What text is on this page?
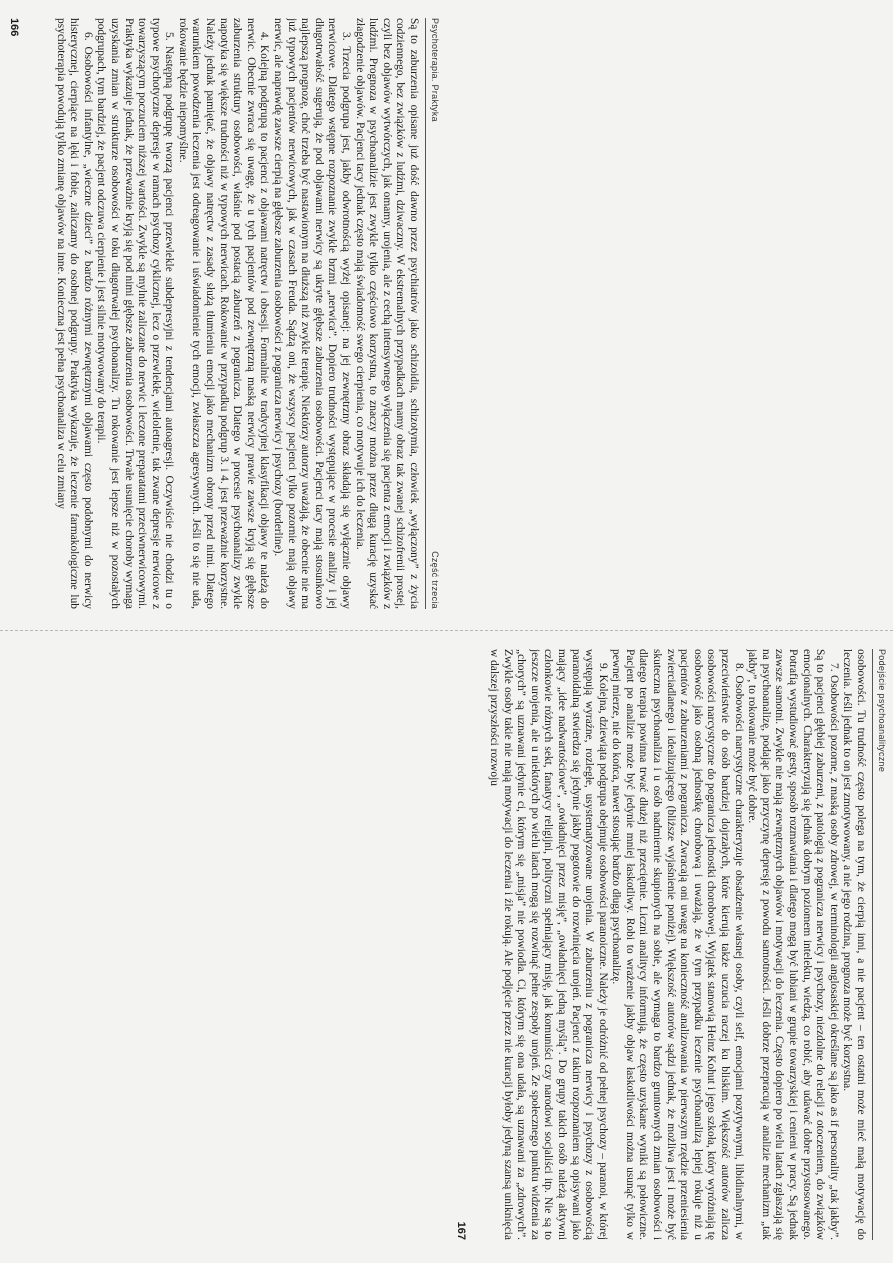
Psychoterapia. Praktyka
Część trzecia

Są to zaburzenia opisane już dość dawno przez psychiatrów jako schizoidia, schizotymia, człowiek „wyłączony” z życia codziennego, bez związków z ludźmi, dziwaczny. W ekstremalnych przypadkach mamy obraz tak zwanej schizofrenii prostej, czyli bez objawów wytwórczych, jak omamy, urojenia, ale z cechą intensywnego wyłączenia się pacjenta z emocji i związków z ludźmi. Prognoza w psychoanalizie jest zwykle tylko częściowo korzystna, to znaczy można przez długą kurację uzyskać złagodzenie objawów. Pacjenci tacy jednak często mają świadomość swego cierpienia, co motywuje ich do leczenia.

3. Trzecia podgrupa jest, jakby odwrotnością wyżej opisanej: na jej zewnętrzny obraz składają się wyłącznie objawy nerwicowe. Dlatego wstępne rozpoznanie zwykle brzmi „nerwica”. Dopiero trudności występujące w procesie analizy i jej długotrwałość sugerują, że pod objawami nerwicy są ukryte głębsze zaburzenia osobowości. Pacjenci tacy mają stosunkowo najlepszą prognozę, choć trzeba być nastawionym na dłuższą niż zwykle terapię. Niektórzy autorzy uważają, że obecnie nie ma już typowych pacjentów nerwicowych, jak w czasach Freuda. Sądzą oni, że wszyscy pacjenci tylko pozornie mają objawy nerwic, ale naprawdę zawsze cierpią na głębsze zaburzenia osobowości z pogranicza nerwicy i psychozy (borderline).

4. Kolejną podgrupą to pacjenci z objawami natręctw i obsesji. Formalnie w tradycyjnej klasyfikacji objawy te należą do nerwic. Obecnie zwraca się uwagę, że u tych pacjentów pod zewnętrzną maską nerwicy prawie zawsze kryją się głębsze zaburzenia struktury osobowości, właśnie pod postacią zaburzeń z pogranicza. Dlatego w procesie psychoanalizy zwykle napotyka się większe trudności niż w typowych nerwicach. Rokowanie w przypadku podgrup 3. i 4. jest przeważnie korzystne. Należy jednak pamiętać, że objawy natręctw z zasady służą tłumieniu emocji jako mechanizm obrony przed nimi. Dlatego warunkiem powodzenia leczenia jest odreagowanie i uświadomienie tych emocji, zwłaszcza agresywnych. Jeśli to się nie uda, rokowanie będzie niepomyślne.

5. Następną podgrupę tworzą pacjenci przewlekle subdepresyjni z tendencjami autoagresji. Oczywiście nie chodzi tu o typowe psychotyczne depresje w ramach psychozy cyklicznej, lecz o przewlekłe, wieloletnie, tak zwane depresje nerwicowe z towarzyszącym poczuciem niższej wartości. Zwykle są mylnie zaliczane do nerwic i leczone preparatami przeciwnerwicowymi. Praktyka wykazuje jednak, że przeważnie kryją się pod nimi głębsze zaburzenia osobowości. Trwałe usunięcie choroby wymaga uzyskania zmian w strukturze osobowości w toku długotrwałej psychoanalizy. Tu rokowanie jest lepsze niż w pozostałych podgrupach, tym bardziej, że pacjent odczuwa cierpienie i jest silnie motywowany do terapii.

6. Osobowości infantylne, „wieczne dzieci” z bardzo różnymi zewnętrznymi objawami często podobnymi do nerwicy histerycznej, cierpiące na lęki i fobie, zaliczamy do osobnej podgrupy. Praktyka wykazuje, że leczenie farmakologiczne lub psychoterapia powodują tylko zmianę objawów na inne. Konieczna jest pełna psychoanaliza w celu zmiany

166
Podejście psychoanalityczne

osobowości. Tu trudność często polega na tym, że cierpią inni, a nie pacjent – ten ostatni może mieć małą motywację do leczenia. Jeśli jednak to on jest zmotywowany, a nie jego rodzina, prognoza może być korzystna.

7. Osobowości pozorne, z maską osoby zdrowej, w terminologii anglosaskiej określane są jako as if personality „tak jakby”. Są to pacjenci głębiej zaburzeni, z patologią z pogranicza nerwicy i psychozy, niezdolne do relacji z otoczeniem, do związków emocjonalnych. Charakteryzują się jednak dobrym poziomem intelektu, wiedzą, co robić, aby udawać dobre przystosowanego. Potrafią wystudiować gesty, sposób rozmawiania i dlatego mogą być lubiani w grupie towarzyskiej i cenieni w pracy. Są jednak zawsze samotni. Zwykle nie mają zewnętrznych objawów i motywacji do leczenia. Często dopiero po wielu latach zgłaszają się na psychoanalizę, podając jako przyczynę depresję z powodu samotności. Jeśli dobrze przepracują w analizie mechanizm „tak jakby”, to rokowanie może być dobre.

8. Osobowości narcystyczne charakteryzuje obsadzenie własnej osoby, czyli self, emocjami pozytywnymi, libidinalnymi, w przeciwieństwie do osób bardziej dojrzałych, które kierują także uczucia raczej ku bliskim. Większość autorów zalicza osobowości narcystyczne do pogranicza jednostki chorobowej. Wyjątek stanowią Heinz Kohut i jego szkoła, który wyróżniają tę osobowość jako osobną jednostkę chorobową i uważają, że w tym przypadku leczenie psychoanalizą lepiej rokuje niż u pacjentów z zaburzeniami z pogranicza. Zwracają oni uwagę na konieczność analizowania w pierwszym rzędzie przeniesienia zwierciadlanego i idealizującego (bliższe wyjaśnienie poniżej). Większość autorów sądzi jednak, że możliwa jest i może być skuteczna psychoanaliza i u osób nadmiernie skupionych na sobie, ale wymaga to bardzo gruntownych zmian osobowości i dlatego terapia powinna trwać dłużej niż przeciętnie. Liczni analitycy informują, że często uzyskane wyniki są połowiczne. Pacjent po analizie może być jedynie mniej łaskotliwy. Robi to wrażenie jakby objaw łaskotliwości można usunąć tylko w pewnej mierze, nie do końca, nawet stosując bardzo długą psychoanalizę.

9. Kolejna, dziewiąta podgrupa obejmuje osobowości paranoiczne. Należy je odróżnić od pełnej psychozy – paranoi, w której występują wyraźne, rozległe, usystematyzowane urojenia. W zaburzeniu z pogranicza nerwicy i psychozy z osobowością paranoidalną stwierdza się jedynie jakby pogotowie do rozwinięcia urojeń. Pacjenci z takim rozpoznaniem są opisywani jako mający „idee nadwartościowe”, „owładnięci przez misję”, „owładnięci jedną myślą”. Do grupy takich osób należą aktywni członkowie różnych sekt, fanatycy religijni, polityczni spełniający misję, jak komuniści czy narodowi socjaliści itp. Nie są to jeszcze urojenia, ale u niektórych po wielu latach mogą się rozwinąć pełne zespoły urojeń. Ze społecznego punktu widzenia za „chorych” są uznawani jedynie ci, którym się „misja” nie powiodła. Ci, którym się ona udała, są uznawani za „zdrowych”. Zwykle osoby takie nie mają motywacji do leczenia i źle rokują. Ale podjęcie przez nie kuracji byłoby jedyną szansą uniknięcia w dalszej przyszłości rozwoju

167
